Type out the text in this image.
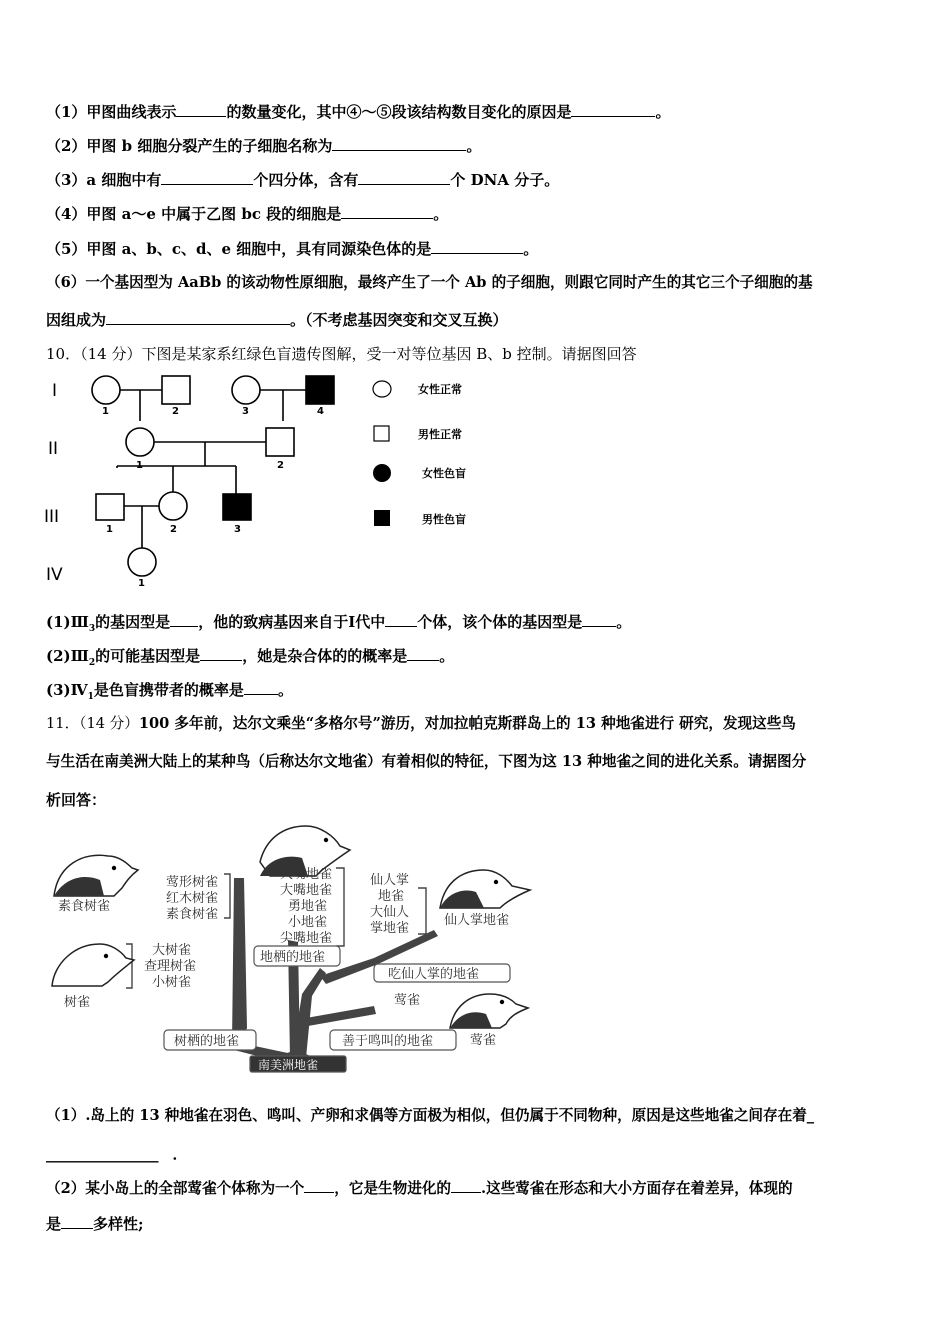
（1）甲图曲线表示	的数量变化，其中④～⑤段该结构数目变化的原因是	。
（2）甲图 b 细胞分裂产生的子细胞名称为	。
（3）a 细胞中有	个四分体，含有	个 DNA 分子。
（4）甲图 a～e 中属于乙图 bc 段的细胞是	。
（5）甲图 a、b、c、d、e 细胞中，具有同源染色体的是	。
（6）一个基因型为 AaBb 的该动物性原细胞，最终产生了一个 Ab 的子细胞，则跟它同时产生的其它三个子细胞的基
因组成为	。（不考虑基因突变和交叉互换）
10．（14 分）下图是某家系红绿色盲遗传图解，受一对等位基因 B、b 控制。请据图回答
I
II
III
IV
1	2	3	4
1	2
1	2	3
1
女性正常
男性正常
女性色盲
男性色盲
$(1)Ⅲ_3$的基因型是 ，他的致病基因来自于Ⅰ代中 个体，该个体的基因型是 。
$(2)Ⅲ_2$的可能基因型是	，她是杂合体的的概率是 。
$(3)Ⅳ_1$是色盲携带者的概率是 。
11．（14 分）100 多年前，达尔文乘坐“多格尔号”游历，对加拉帕克斯群岛上的 13 种地雀进行 研究，发现这些鸟
与生活在南美洲大陆上的某种鸟（后称达尔文地雀）有着相似的特征，下图为这 13 种地雀之间的进化关系。请据图分
析回答：
素食树雀
树雀
仙人掌地雀
莺雀
莺形树雀
红木树雀
素食树雀
大树雀
查理树雀
小树雀
大嘴地雀
大嘴地雀
勇地雀
小地雀
尖嘴地雀
仙人掌
地雀
大仙人
掌地雀
莺雀
地栖的地雀
吃仙人掌的地雀
树栖的地雀	善于鸣叫的地雀
南美洲地雀
（1）.岛上的 13 种地雀在羽色、鸣叫、产卵和求偶等方面极为相似，但仍属于不同物种，原因是这些地雀之间存在着_
_______________ ．
（2）某小岛上的全部莺雀个体称为一个 ，它是生物进化的 .这些莺雀在形态和大小方面存在着差异，体现的
是 多样性;
